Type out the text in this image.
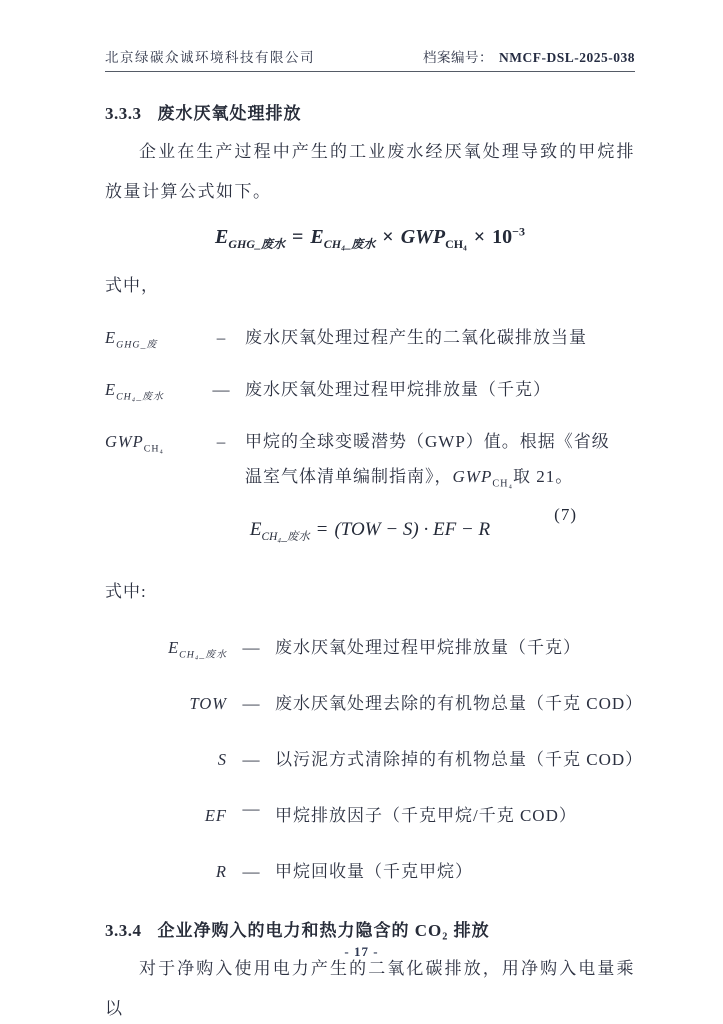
北京绿碳众诚环境科技有限公司	档案编号： NMCF-DSL-2025-038
3.3.3 废水厌氧处理排放
企业在生产过程中产生的工业废水经厌氧处理导致的甲烷排放量计算公式如下。
$E_{GHG\_废水} = E_{CH_4\_废水} \times GWP_{CH_4} \times 10^{-3}$
式中，
$E_{GHG\_废}$	–	废水厌氧处理过程产生的二氧化碳排放当量
$E_{CH_4\_废水}$	— 废水厌氧处理过程甲烷排放量（千克）
$GWP_{CH_4}$	–	甲烷的全球变暖潜势（GWP）值。根据《省级
温室气体清单编制指南》，$GWP_{CH_4}$取 21。
(7)
$E_{CH_4\_废水} = (TOW - S)$ · EF − R
式中:
$E_{CH_4\_废水}$ — 废水厌氧处理过程甲烷排放量（千克）
TOW — 废水厌氧处理去除的有机物总量（千克 COD）
S — 以污泥方式清除掉的有机物总量（千克 COD）
EF — 甲烷排放因子（千克甲烷/千克 COD）
R — 甲烷回收量（千克甲烷）
3.3.4 企业净购入的电力和热力隐含的 CO₂ 排放
对于净购入使用电力产生的二氧化碳排放，用净购入电量乘以
- 17 -
